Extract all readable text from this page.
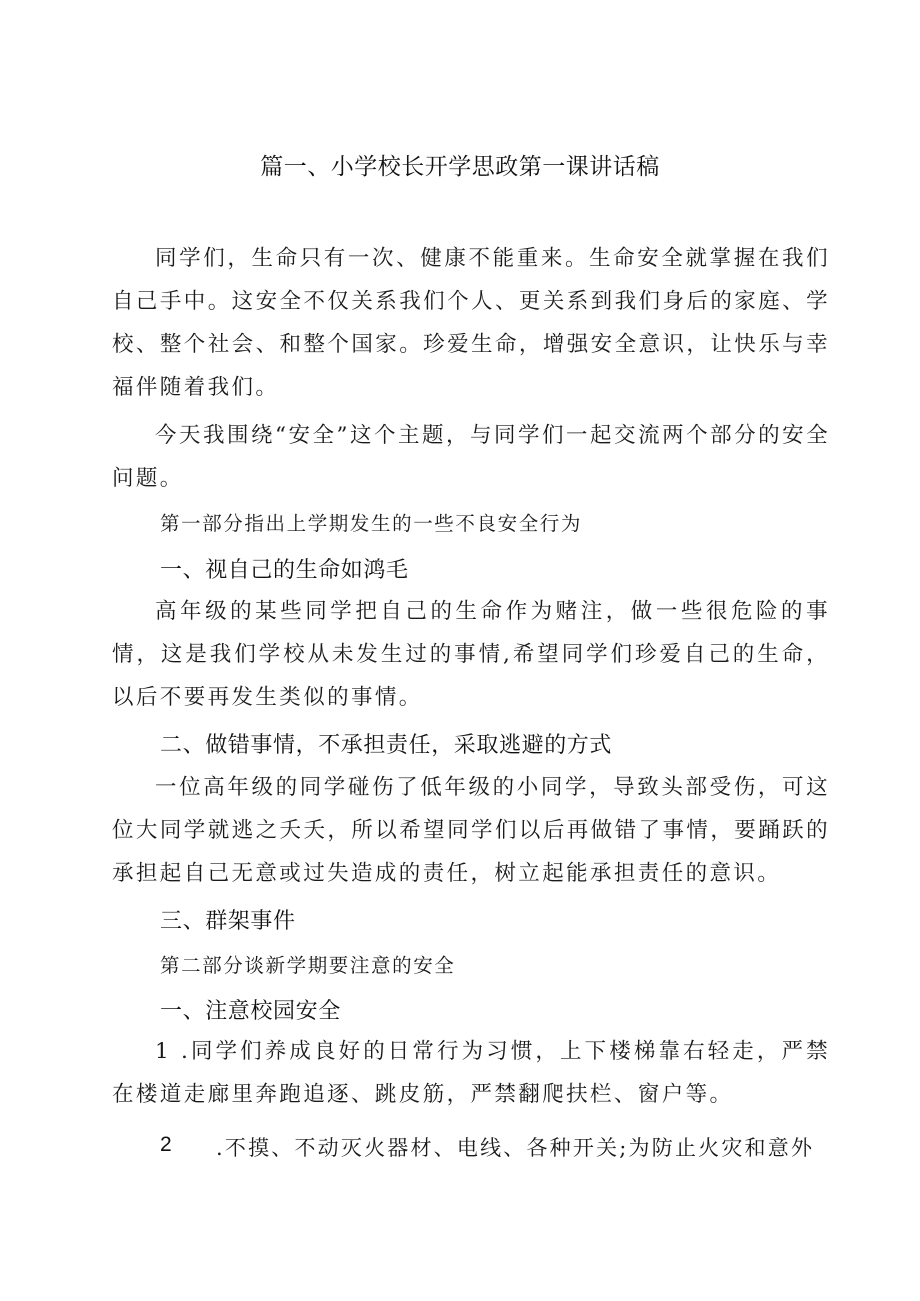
篇一、小学校长开学思政第一课讲话稿
同学们，生命只有一次、健康不能重来。生命安全就掌握在我们自己手中。这安全不仅关系我们个人、更关系到我们身后的家庭、学校、整个社会、和整个国家。珍爱生命，增强安全意识，让快乐与幸福伴随着我们。
今天我围绕“安全”这个主题，与同学们一起交流两个部分的安全问题。
第一部分指出上学期发生的一些不良安全行为
一、视自己的生命如鸿毛
高年级的某些同学把自己的生命作为赌注，做一些很危险的事情，这是我们学校从未发生过的事情,希望同学们珍爱自己的生命，以后不要再发生类似的事情。
二、做错事情，不承担责任，采取逃避的方式
一位高年级的同学碰伤了低年级的小同学，导致头部受伤，可这位大同学就逃之夭夭，所以希望同学们以后再做错了事情，要踊跃的承担起自己无意或过失造成的责任，树立起能承担责任的意识。
三、群架事件
第二部分谈新学期要注意的安全
一、注意校园安全
1 .同学们养成良好的日常行为习惯，上下楼梯靠右轻走，严禁在楼道走廊里奔跑追逐、跳皮筋，严禁翻爬扶栏、窗户等。
2 .不摸、不动灭火器材、电线、各种开关;为防止火灾和意外
